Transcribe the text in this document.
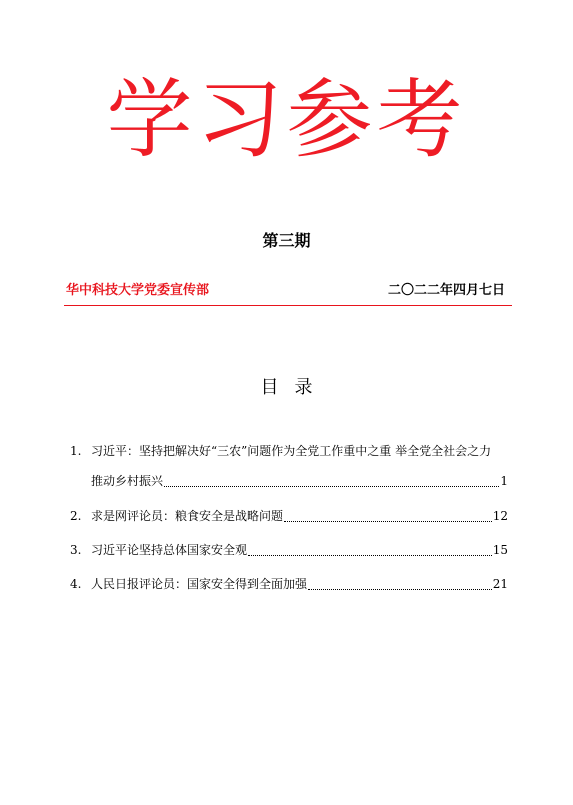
学习参考
第三期
华中科技大学党委宣传部	二〇二二年四月七日
目录
1. 习近平：坚持把解决好“三农”问题作为全党工作重中之重 举全党全社会之力
推动乡村振兴	1
2. 求是网评论员：粮食安全是战略问题	12
3. 习近平论坚持总体国家安全观	15
4. 人民日报评论员：国家安全得到全面加强	21
